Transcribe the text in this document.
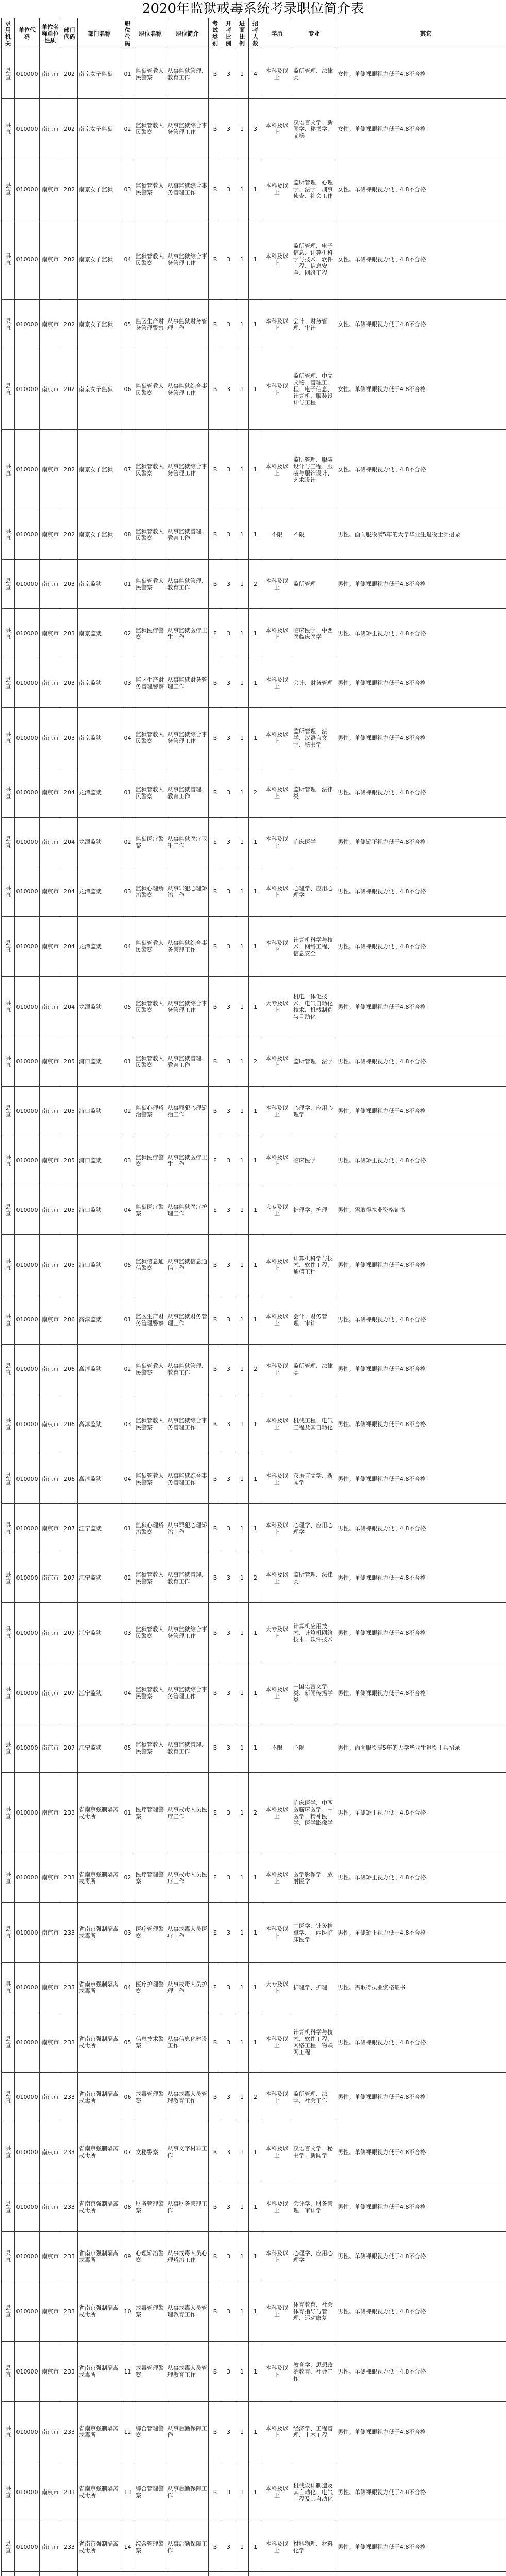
2020年监狱戒毒系统考录职位简介表
录用机关	单位代码	单位名称单位性质	部门代码	部门名称	职位代码	职位名称	职位简介	考试类别	开考比例	进面比例	招考人数	学历	专业	其它
县直	010000	南京市	202	南京女子监狱	01	监狱管教人民警察	从事监狱管理、教育工作	B	3	1	4	本科及以上	监所管理、法律类	女性。单侧裸眼视力低于4.8不合格
县直	010000	南京市	202	南京女子监狱	02	监狱管教人民警察	从事监狱综合事务管理工作	B	3	1	3	本科及以上	汉语言文学、新闻学、秘书学、文秘	女性。单侧裸眼视力低于4.8不合格
县直	010000	南京市	202	南京女子监狱	03	监狱管教人民警察	从事监狱综合事务管理工作	B	3	1	1	本科及以上	监所管理、心理学、法学、刑事侦查、社会工作	女性。单侧裸眼视力低于4.8不合格
县直	010000	南京市	202	南京女子监狱	04	监狱管教人民警察	从事监狱综合事务管理工作	B	3	1	1	本科及以上	监所管理、电子信息、计算机科学与技术、软件工程、信息安全、网络工程	女性。单侧裸眼视力低于4.8不合格
县直	010000	南京市	202	南京女子监狱	05	监区生产财务管理警察	从事监狱财务管理工作	B	3	1	1	本科及以上	会计、财务管理、审计	女性。单侧裸眼视力低于4.8不合格
县直	010000	南京市	202	南京女子监狱	06	监狱管教人民警察	从事监狱综合事务管理工作	B	3	1	1	本科及以上	监所管理、中文文秘、管理工程、电子信息、计算机、服装设计与工程	女性。单侧裸眼视力低于4.8不合格
县直	010000	南京市	202	南京女子监狱	07	监狱管教人民警察	从事监狱综合事务管理工作	B	3	1	1	本科及以上	监所管理、服装设计与工程、服装与服饰设计、艺术设计	女性。单侧裸眼视力低于4.8不合格
县直	010000	南京市	202	南京女子监狱	08	监狱管教人民警察	从事监狱管理、教育工作	B	3	1	1	不限	不限	男性。面向服役满5年的大学毕业生退役士兵招录
县直	010000	南京市	203	南京监狱	01	监狱管教人民警察	从事监狱管理、教育工作	B	3	1	2	本科及以上	监所管理	男性。单侧裸眼视力低于4.8不合格
县直	010000	南京市	203	南京监狱	02	监狱医疗警察	从事监狱医疗卫生工作	E	3	1	1	本科及以上	临床医学、中西医临床医学	男性。单侧矫正视力低于4.8不合格
县直	010000	南京市	203	南京监狱	03	监区生产财务管理警察	从事监狱财务管理工作	B	3	1	1	本科及以上	会计、财务管理	男性。单侧裸眼视力低于4.8不合格
县直	010000	南京市	203	南京监狱	04	监狱管教人民警察	从事监狱综合事务管理工作	B	3	1	1	本科及以上	监所管理、法学、汉语言文学、秘书学	男性。单侧裸眼视力低于4.8不合格
县直	010000	南京市	204	龙潭监狱	01	监狱管教人民警察	从事监狱管理、教育工作	B	3	1	2	本科及以上	监所管理、法律类	男性。单侧裸眼视力低于4.8不合格
县直	010000	南京市	204	龙潭监狱	02	监狱医疗警察	从事监狱医疗卫生工作	E	3	1	1	本科及以上	临床医学	男性。单侧矫正视力低于4.8不合格
县直	010000	南京市	204	龙潭监狱	03	监狱心理矫治警察	从事罪犯心理矫治工作	B	3	1	1	本科及以上	心理学、应用心理学	男性。单侧裸眼视力低于4.8不合格
县直	010000	南京市	204	龙潭监狱	04	监狱管教人民警察	从事监狱综合事务管理工作	B	3	1	1	本科及以上	计算机科学与技术、网络工程、信息安全	男性。单侧裸眼视力低于4.8不合格
县直	010000	南京市	204	龙潭监狱	05	监狱管教人民警察	从事监狱综合事务管理工作	B	3	1	1	大专及以上	机电一体化技术、电气自动化技术、机械制造与自动化	男性。单侧裸眼视力低于4.8不合格
县直	010000	南京市	205	浦口监狱	01	监狱管教人民警察	从事监狱管理、教育工作	B	3	1	2	本科及以上	监所管理、法学	男性。单侧裸眼视力低于4.8不合格
县直	010000	南京市	205	浦口监狱	02	监狱心理矫治警察	从事罪犯心理矫治工作	B	3	1	1	本科及以上	心理学、应用心理学	男性。单侧裸眼视力低于4.8不合格
县直	010000	南京市	205	浦口监狱	03	监狱医疗警察	从事监狱医疗卫生工作	E	3	1	1	本科及以上	临床医学	男性。单侧矫正视力低于4.8不合格
县直	010000	南京市	205	浦口监狱	04	监狱医疗警察	从事监狱医疗护理工作	E	3	1	1	大专及以上	护理学、护理	男性。需取得执业资格证书
县直	010000	南京市	205	浦口监狱	05	监狱信息通信警察	从事监狱信息通信工作	B	3	1	1	本科及以上	计算机科学与技术、软件工程、通信工程	男性。单侧裸眼视力低于4.8不合格
县直	010000	南京市	206	高淳监狱	01	监区生产财务管理警察	从事监狱财务管理工作	B	3	1	1	本科及以上	会计、财务管理、审计	男性。单侧裸眼视力低于4.8不合格
县直	010000	南京市	206	高淳监狱	02	监狱管教人民警察	从事监狱管理、教育工作	B	3	1	2	本科及以上	监所管理、法律类	男性。单侧裸眼视力低于4.8不合格
县直	010000	南京市	206	高淳监狱	03	监狱管教人民警察	从事监狱综合事务管理工作	B	3	1	1	本科及以上	机械工程、电气工程及其自动化	男性。单侧裸眼视力低于4.8不合格
县直	010000	南京市	206	高淳监狱	04	监狱管教人民警察	从事监狱综合事务管理工作	B	3	1	1	本科及以上	汉语言文学、新闻学	男性。单侧裸眼视力低于4.8不合格
县直	010000	南京市	207	江宁监狱	01	监狱心理矫治警察	从事罪犯心理矫治工作	B	3	1	1	本科及以上	心理学、应用心理学	男性。单侧裸眼视力低于4.8不合格
县直	010000	南京市	207	江宁监狱	02	监狱管教人民警察	从事监狱管理、教育工作	B	3	1	2	本科及以上	监所管理、法律类	男性。单侧裸眼视力低于4.8不合格
县直	010000	南京市	207	江宁监狱	03	监狱管教人民警察	从事监狱综合事务管理工作	B	3	1	1	大专及以上	计算机应用技术、计算机网络技术、软件技术	男性。单侧裸眼视力低于4.8不合格
县直	010000	南京市	207	江宁监狱	04	监狱管教人民警察	从事监狱综合事务管理工作	B	3	1	1	本科及以上	中国语言文学类、新闻传播学类	男性。单侧裸眼视力低于4.8不合格
县直	010000	南京市	207	江宁监狱	05	监狱管教人民警察	从事监狱管理、教育工作	B	3	1	1	不限	不限	男性。面向服役满5年的大学毕业生退役士兵招录
县直	010000	南京市	233	省南京强制隔离戒毒所	01	医疗管理警察	从事戒毒人员医疗工作	E	3	1	2	本科及以上	临床医学、中西医临床医学、中医学、精神医学、医学影像学	男性。单侧矫正视力低于4.8不合格
县直	010000	南京市	233	省南京强制隔离戒毒所	02	医疗管理警察	从事戒毒人员医疗工作	E	3	1	1	本科及以上	医学影像学、放射医学	男性。单侧矫正视力低于4.8不合格
县直	010000	南京市	233	省南京强制隔离戒毒所	03	医疗管理警察	从事戒毒人员医疗工作	E	3	1	1	本科及以上	中医学、针灸推拿学、中西医临床医学	男性。单侧矫正视力低于4.8不合格
县直	010000	南京市	233	省南京强制隔离戒毒所	04	医疗护理警察	从事戒毒人员护理工作	E	3	1	1	大专及以上	护理学、护理	男性。需取得执业资格证书
县直	010000	南京市	233	省南京强制隔离戒毒所	05	信息技术警察	从事信息化建设工作	B	3	1	1	本科及以上	计算机科学与技术、软件工程、网络工程、物联网工程	男性。单侧裸眼视力低于4.8不合格
县直	010000	南京市	233	省南京强制隔离戒毒所	06	戒毒管理警察	从事戒毒人员管理教育工作	B	3	1	2	本科及以上	监所管理、法学、社会工作	男性。单侧裸眼视力低于4.8不合格
县直	010000	南京市	233	省南京强制隔离戒毒所	07	文秘警察	从事文字材料工作	B	3	1	1	本科及以上	汉语言文学、秘书学、新闻学	男性。单侧裸眼视力低于4.8不合格
县直	010000	南京市	233	省南京强制隔离戒毒所	08	财务管理警察	从事财务管理工作	B	3	1	1	本科及以上	会计学、财务管理、审计学	男性。单侧裸眼视力低于4.8不合格
县直	010000	南京市	233	省南京强制隔离戒毒所	09	心理矫治警察	从事戒毒人员心理矫治工作	B	3	1	1	本科及以上	心理学、应用心理学	男性。单侧裸眼视力低于4.8不合格
县直	010000	南京市	233	省南京强制隔离戒毒所	10	戒毒管理警察	从事戒毒人员管理教育工作	B	3	1	1	本科及以上	体育教育、社会体育指导与管理、运动康复	男性。单侧裸眼视力低于4.8不合格
县直	010000	南京市	233	省南京强制隔离戒毒所	11	戒毒管理警察	从事戒毒人员管理教育工作	B	3	1	1	本科及以上	教育学、思想政治教育、社会工作	男性。单侧裸眼视力低于4.8不合格
县直	010000	南京市	233	省南京强制隔离戒毒所	12	综合管理警察	从事后勤保障工作	B	3	1	1	本科及以上	经济学、工程管理、土木工程	男性。单侧裸眼视力低于4.8不合格
县直	010000	南京市	233	省南京强制隔离戒毒所	13	综合管理警察	从事后勤保障工作	B	3	1	1	本科及以上	机械设计制造及其自动化、电气工程及其自动化	男性。单侧裸眼视力低于4.8不合格
县直	010000	南京市	233	省南京强制隔离戒毒所	14	综合管理警察	从事后勤保障工作	B	3	1	1	本科及以上	材料物理、材料化学	男性。单侧裸眼视力低于4.8不合格
